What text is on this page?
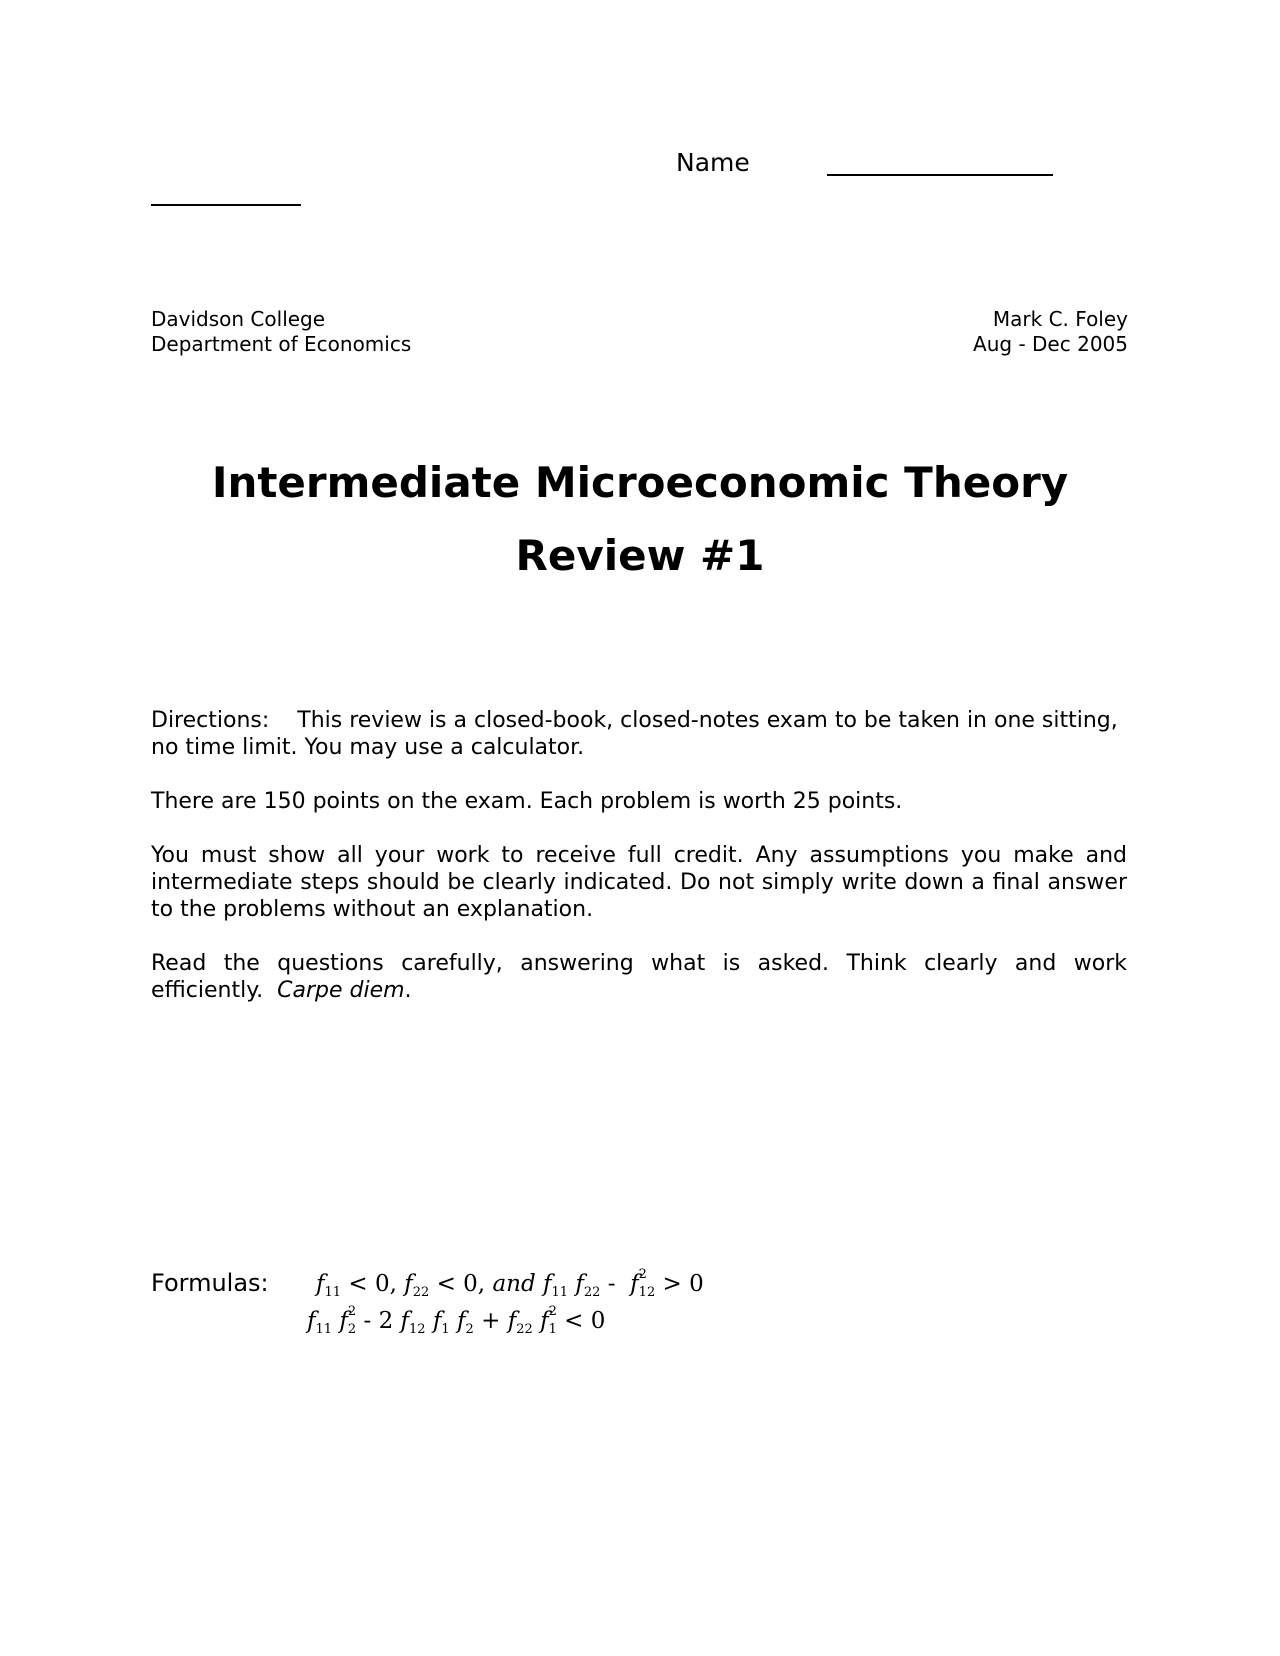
Name
Davidson College
Department of Economics
Mark C. Foley
Aug - Dec 2005
Intermediate Microeconomic Theory
Review #1

Directions: This review is a closed-book, closed-notes exam to be taken in one sitting, no time limit. You may use a calculator.

There are 150 points on the exam. Each problem is worth 25 points.

You must show all your work to receive full credit. Any assumptions you make and intermediate steps should be clearly indicated. Do not simply write down a final answer to the problems without an explanation.

Read the questions carefully, answering what is asked. Think clearly and work efficiently. Carpe diem.

Formulas: $f_{11} < 0$, $f_{22} < 0$, and $f_{11}$ $f_{22}$ -  f 2
12 > 0
$f_{11}$ f 2
2 - 2 $f_{12}$ $f_1$ $f_2 + f_{22}$ f 2
1 < 0
